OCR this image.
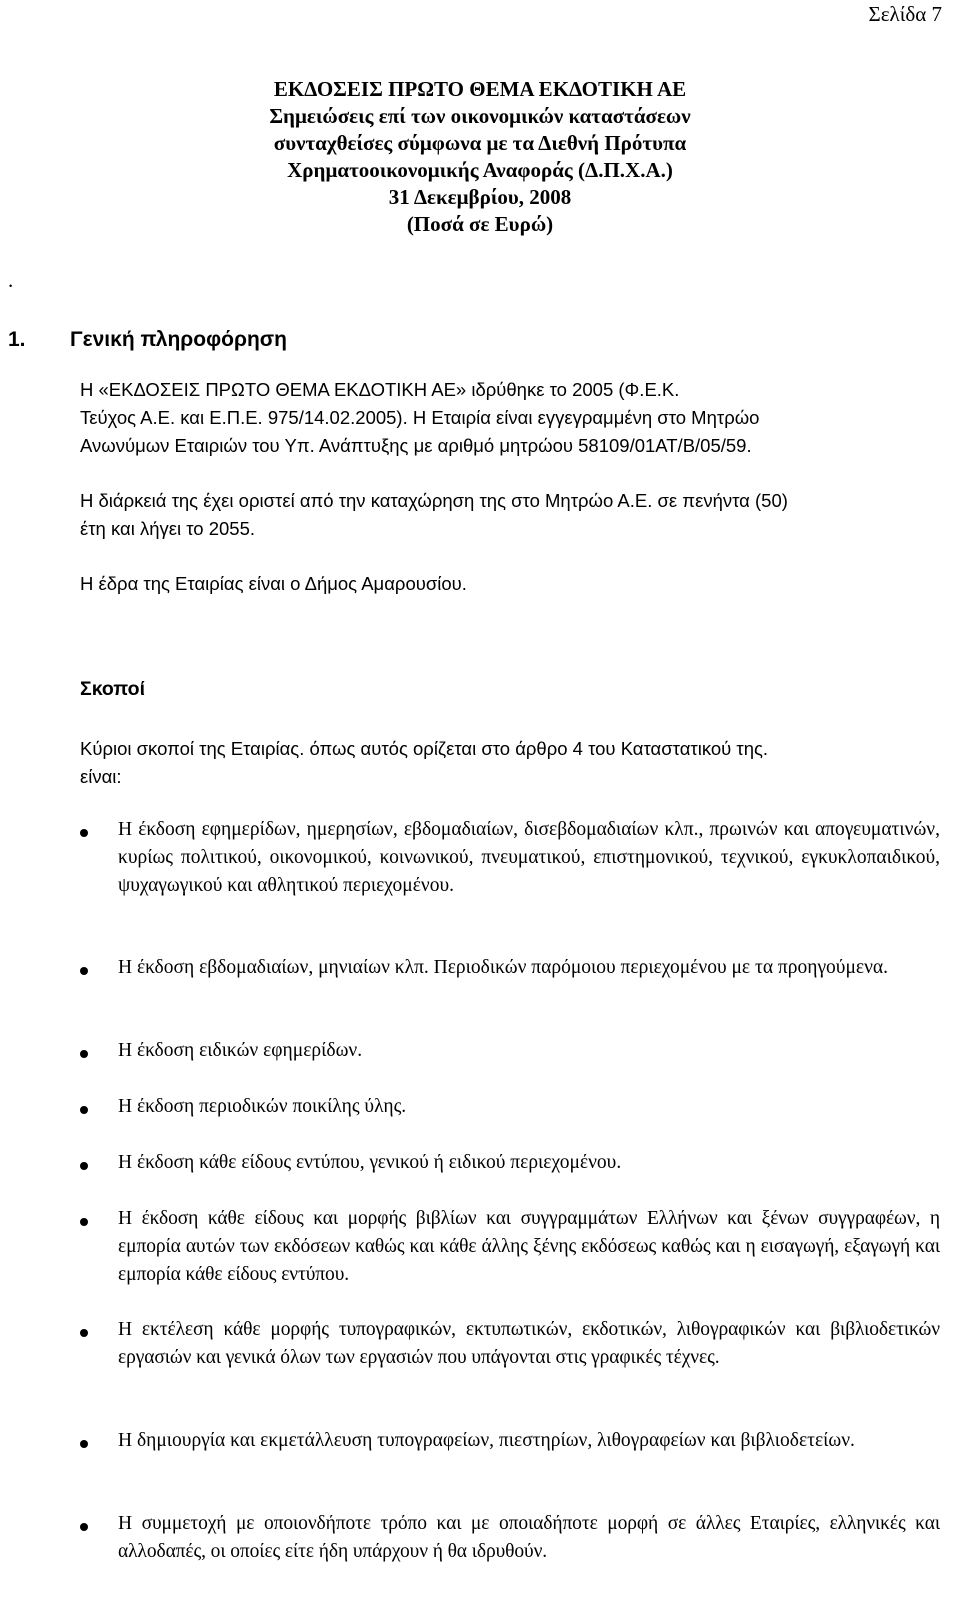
Σελίδα 7
ΕΚΔΟΣΕΙΣ ΠΡΩΤΟ ΘΕΜΑ ΕΚΔΟΤΙΚΗ ΑΕ
Σημειώσεις επί των οικονομικών καταστάσεων
συνταχθείσες σύμφωνα με τα Διεθνή Πρότυπα
Χρηματοοικονομικής Αναφοράς (Δ.Π.Χ.Α.)
31 Δεκεμβρίου, 2008
(Ποσά σε Ευρώ)
.
1. Γενική πληροφόρηση
Η «ΕΚΔΟΣΕΙΣ ΠΡΩΤΟ ΘΕΜΑ ΕΚΔΟΤΙΚΗ ΑΕ» ιδρύθηκε το 2005 (Φ.Ε.Κ.
Τεύχος Α.Ε. και Ε.Π.Ε. 975/14.02.2005). Η Εταιρία είναι εγγεγραμμένη στο Μητρώο
Ανωνύμων Εταιριών του Υπ. Ανάπτυξης με αριθμό μητρώου 58109/01ΑΤ/Β/05/59.
Η διάρκειά της έχει οριστεί από την καταχώρηση της στο Μητρώο Α.Ε. σε πενήντα (50)
έτη και λήγει το 2055.
Η έδρα της Εταιρίας είναι ο Δήμος Αμαρουσίου.
Σκοποί
Κύριοι σκοποί της Εταιρίας. όπως αυτός ορίζεται στο άρθρο 4 του Καταστατικού της.
είναι:
Η έκδοση εφημερίδων, ημερησίων, εβδομαδιαίων, δισεβδομαδιαίων κλπ., πρωινών και απογευματινών, κυρίως πολιτικού, οικονομικού, κοινωνικού, πνευματικού, επιστημονικού, τεχνικού, εγκυκλοπαιδικού, ψυχαγωγικού και αθλητικού περιεχομένου.
Η έκδοση εβδομαδιαίων, μηνιαίων κλπ. Περιοδικών παρόμοιου περιεχομένου με τα προηγούμενα.
Η έκδοση ειδικών εφημερίδων.
Η έκδοση περιοδικών ποικίλης ύλης.
Η έκδοση κάθε είδους εντύπου, γενικού ή ειδικού περιεχομένου.
Η έκδοση κάθε είδους και μορφής βιβλίων και συγγραμμάτων Ελλήνων και ξένων συγγραφέων, η εμπορία αυτών των εκδόσεων καθώς και κάθε άλλης ξένης εκδόσεως καθώς και η εισαγωγή, εξαγωγή και εμπορία κάθε είδους εντύπου.
Η εκτέλεση κάθε μορφής τυπογραφικών, εκτυπωτικών, εκδοτικών, λιθογραφικών και βιβλιοδετικών εργασιών και γενικά όλων των εργασιών που υπάγονται στις γραφικές τέχνες.
Η δημιουργία και εκμετάλλευση τυπογραφείων, πιεστηρίων, λιθογραφείων και βιβλιοδετείων.
Η συμμετοχή με οποιονδήποτε τρόπο και με οποιαδήποτε μορφή σε άλλες Εταιρίες, ελληνικές και αλλοδαπές, οι οποίες είτε ήδη υπάρχουν ή θα ιδρυθούν.
